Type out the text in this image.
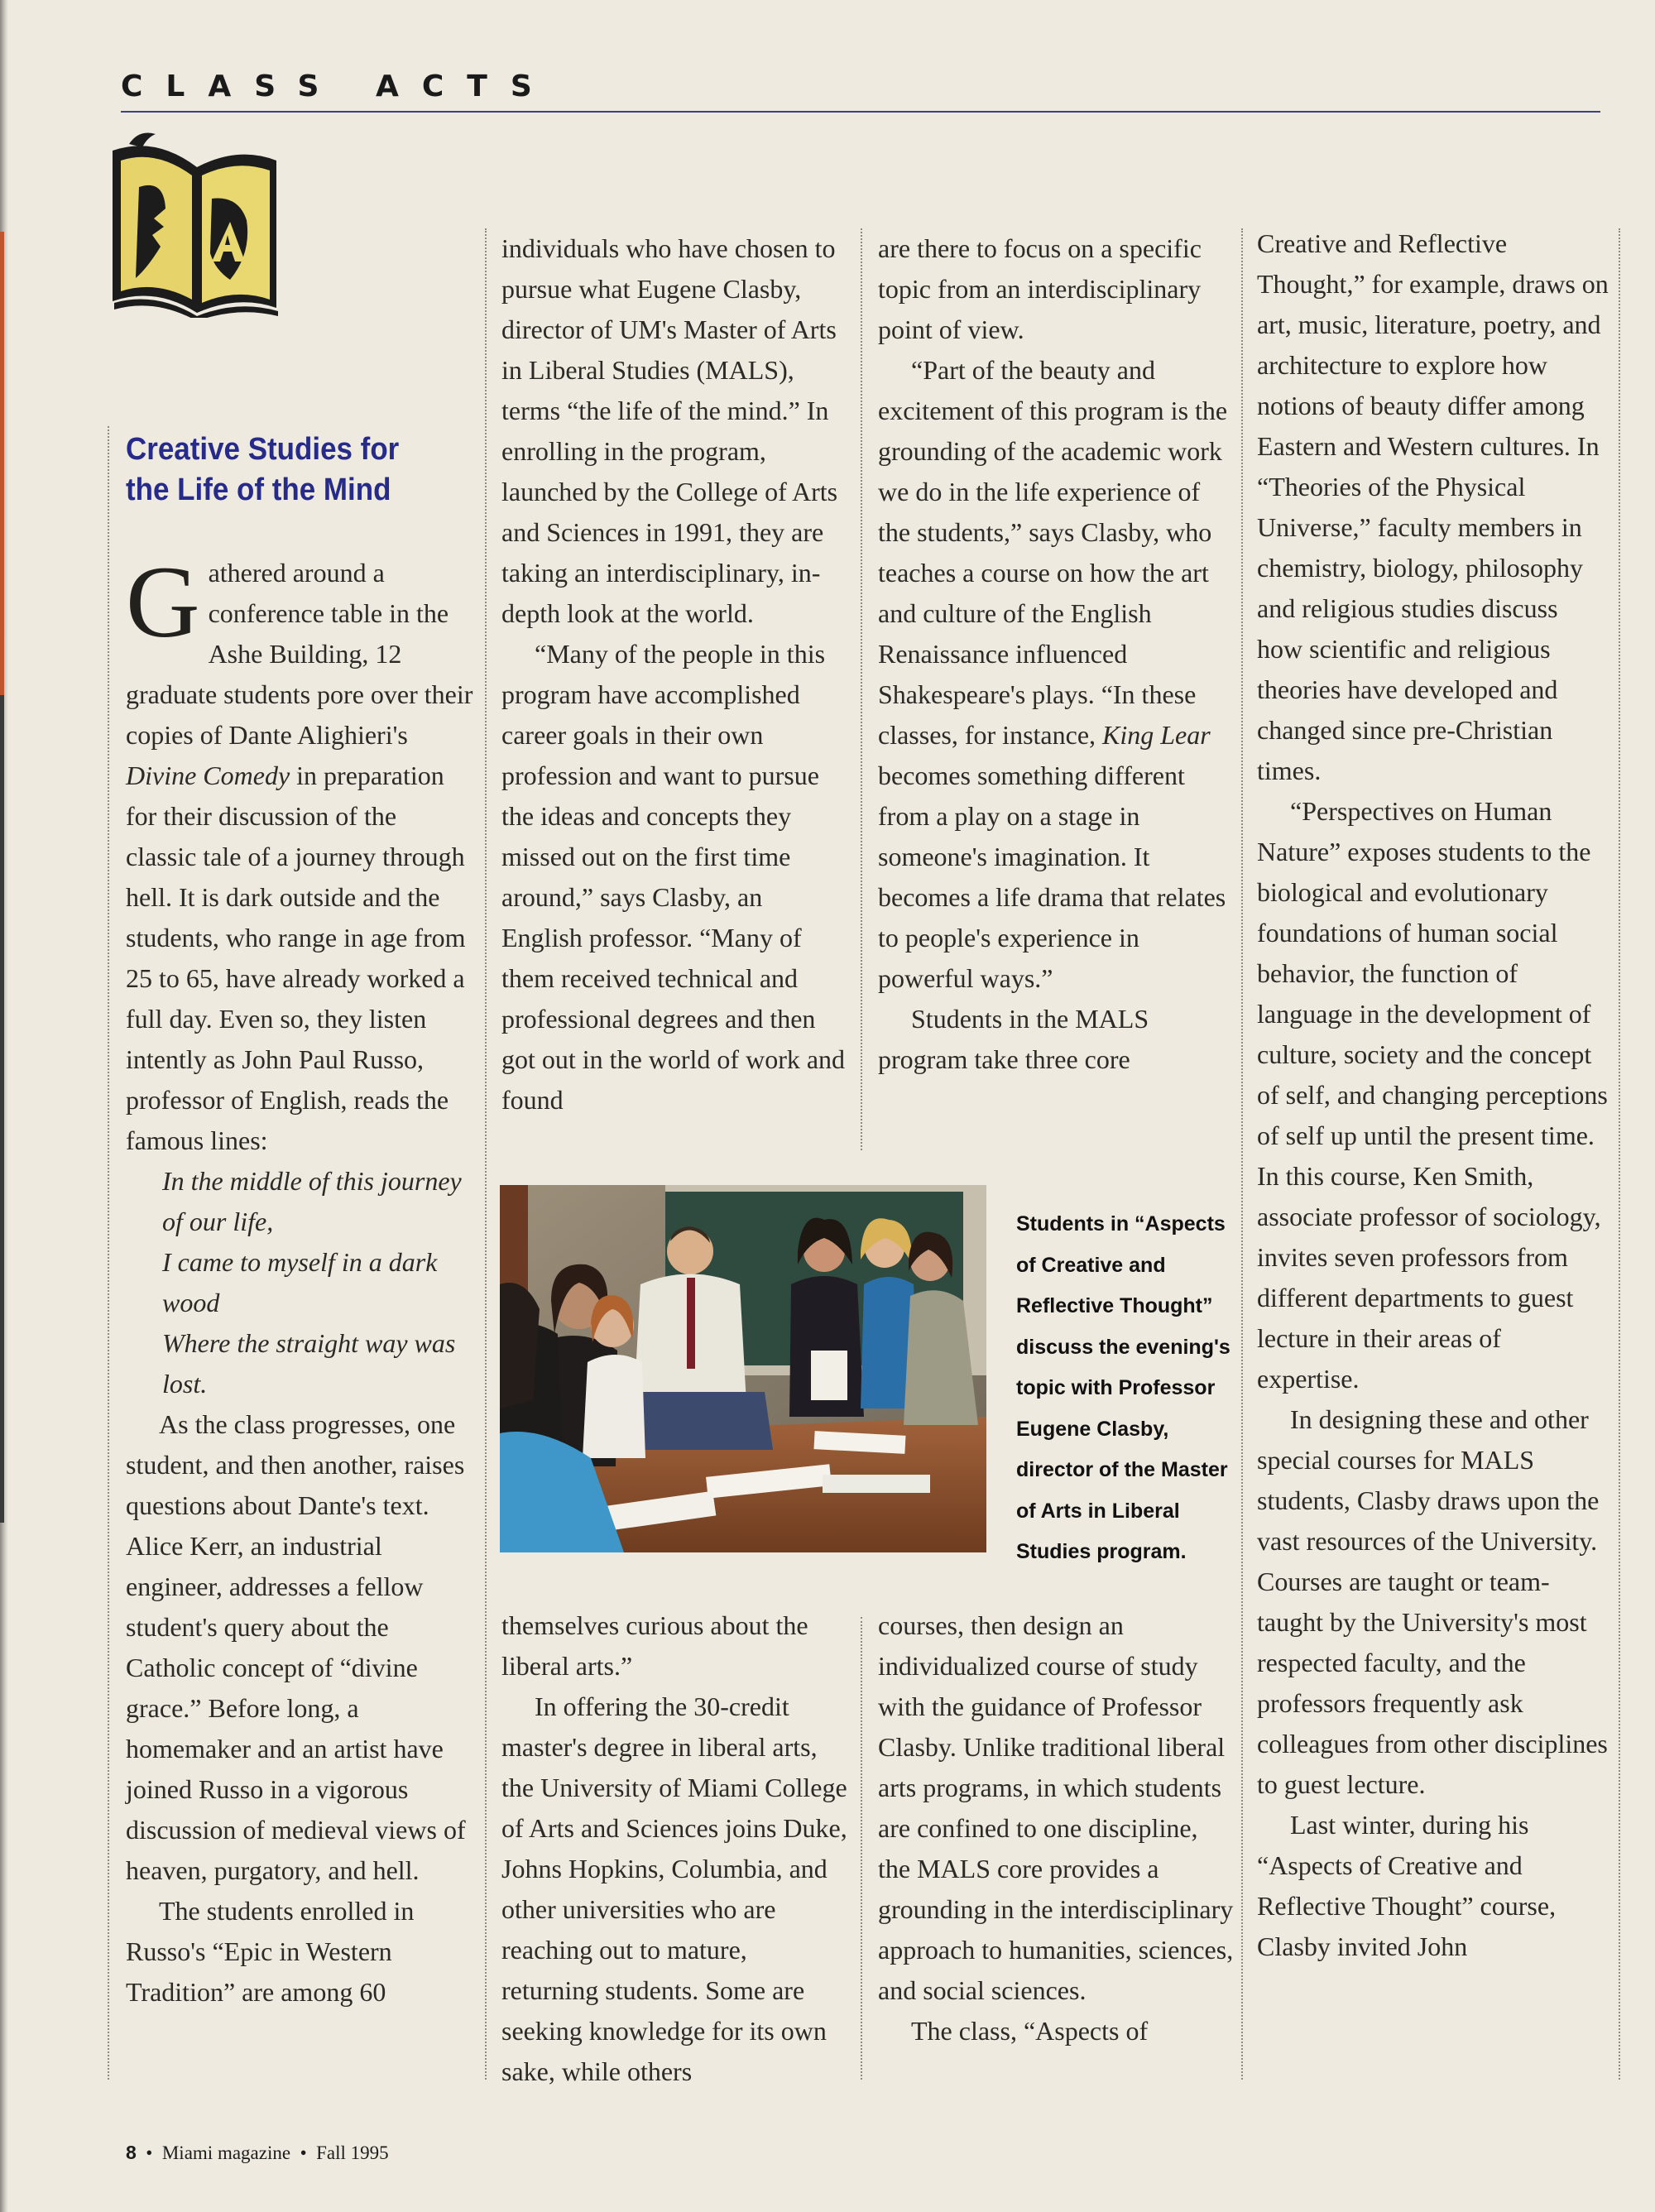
CLASS ACTS
Creative Studies for the Life of the Mind

Gathered around a
conference table in the Ashe Building, 12 graduate students pore over their copies of Dante Alighieri's Divine Comedy in preparation for their discussion of the classic tale of a journey through hell. It is dark outside and the students, who range in age from 25 to 65, have already worked a full day. Even so, they listen intently as John Paul Russo, professor of English, reads the famous lines:

In the middle of this journey of our life,

I came to myself in a dark wood

Where the straight way was lost.

As the class progresses, one student, and then another, raises questions about Dante's text. Alice Kerr, an industrial engineer, addresses a fellow student's query about the Catholic concept of “divine grace.” Before long, a homemaker and an artist have joined Russo in a vigorous discussion of medieval views of heaven, purgatory, and hell.

The students enrolled in Russo's “Epic in Western Tradition” are among 60

individuals who have chosen to pursue what Eugene Clasby, director of UM's Master of Arts in Liberal Studies (MALS), terms “the life of the mind.” In enrolling in the program, launched by the College of Arts and Sciences in 1991, they are taking an interdisciplinary, in-depth look at the world.

“Many of the people in this program have accomplished career goals in their own profession and want to pursue the ideas and concepts they missed out on the first time around,” says Clasby, an English professor. “Many of them received technical and professional degrees and then got out in the world of work and found

are there to focus on a specific topic from an interdisciplinary point of view.

“Part of the beauty and excitement of this program is the grounding of the academic work we do in the life experience of the students,” says Clasby, who teaches a course on how the art and culture of the English Renaissance influenced Shakespeare's plays. “In these classes, for instance, King Lear becomes something different from a play on a stage in someone's imagination. It becomes a life drama that relates to people's experience in powerful ways.”

Students in the MALS program take three core

Students in “Aspects of Creative and Reflective Thought” discuss the evening's topic with Professor Eugene Clasby, director of the Master of Arts in Liberal Studies program.

themselves curious about the liberal arts.”

In offering the 30-credit master's degree in liberal arts, the University of Miami College of Arts and Sciences joins Duke, Johns Hopkins, Columbia, and other universities who are reaching out to mature, returning students. Some are seeking knowledge for its own sake, while others

courses, then design an individualized course of study with the guidance of Professor Clasby. Unlike traditional liberal arts programs, in which students are confined to one discipline, the MALS core provides a grounding in the interdisciplinary approach to humanities, sciences, and social sciences.

The class, “Aspects of

Creative and Reflective Thought,” for example, draws on art, music, literature, poetry, and architecture to explore how notions of beauty differ among Eastern and Western cultures. In “Theories of the Physical Universe,” faculty members in chemistry, biology, philosophy and religious studies discuss how scientific and religious theories have developed and changed since pre-Christian times.

“Perspectives on Human Nature” exposes students to the biological and evolutionary foundations of human social behavior, the function of language in the development of culture, society and the concept of self, and changing perceptions of self up until the present time. In this course, Ken Smith, associate professor of sociology, invites seven professors from different departments to guest lecture in their areas of expertise.

In designing these and other special courses for MALS students, Clasby draws upon the vast resources of the University. Courses are taught or team-taught by the University's most respected faculty, and the professors frequently ask colleagues from other disciplines to guest lecture.

Last winter, during his “Aspects of Creative and Reflective Thought” course, Clasby invited John

8 • Miami magazine • Fall 1995
